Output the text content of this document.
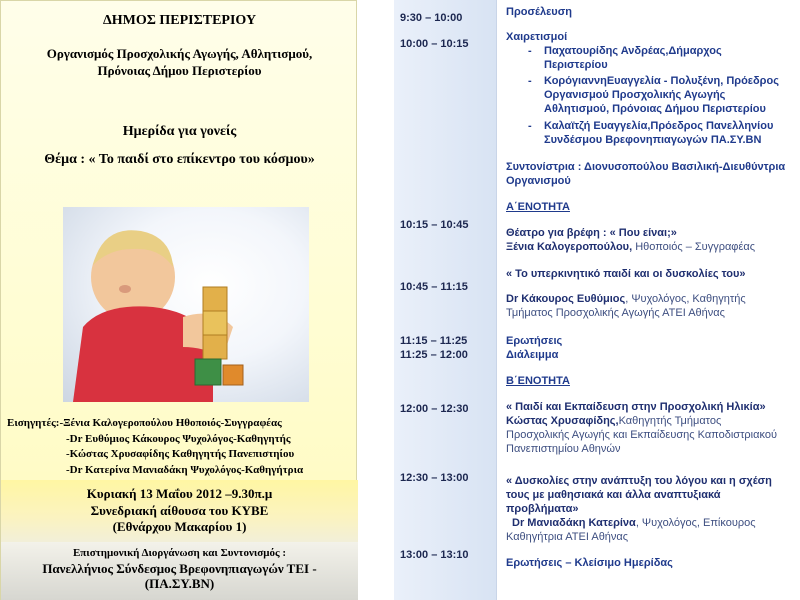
ΔΗΜΟΣ ΠΕΡΙΣΤΕΡΙΟΥ
Οργανισμός Προσχολικής Αγωγής, Αθλητισμού,
Πρόνοιας Δήμου Περιστερίου
Ημερίδα για γονείς
Θέμα : « Το παιδί στο επίκεντρο του κόσμου»
Εισηγητές:-Ξένια Καλογεροπούλου Ηθοποιός-Συγγραφέας
-Dr Ευθύμιος Κάκουρος Ψυχολόγος-Καθηγητής
-Κώστας Χρυσαφίδης Καθηγητής Πανεπιστηίου
-Dr Κατερίνα Μανιαδάκη Ψυχολόγος-Καθηγήτρια
Κυριακή 13 Μαΐου 2012 –9.30π.μ
Συνεδριακή αίθουσα του ΚΥΒΕ
(Εθνάρχου Μακαρίου 1)
Επιστημονική Διοργάνωση και Συντονισμός :
Πανελλήνιος Σύνδεσμος Βρεφονηπιαγωγών ΤΕΙ -
(ΠΑ.ΣΥ.ΒΝ)
9:30 – 10:00
10:00 – 10:15
10:15 – 10:45
10:45 – 11:15
11:15 – 11:25
11:25 – 12:00
12:00 – 12:30
12:30 – 13:00
13:00 – 13:10
Προσέλευση
Χαιρετισμοί
- Παχατουρίδης Ανδρέας,Δήμαρχος
Περιστερίου
- ΚορόγιαννηΕυαγγελία - Πολυξένη, Πρόεδρος
Οργανισμού Προσχολικής Αγωγής
Αθλητισμού, Πρόνοιας Δήμου Περιστερίου
- Καλαϊτζή Ευαγγελία,Πρόεδρος Πανελληνίου
Συνδέσμου Βρεφονηπιαγωγών ΠΑ.ΣΥ.ΒΝ
Συντονίστρια : Διονυσοπούλου Βασιλική-Διευθύντρια
Οργανισμού
Α΄ΕΝΟΤΗΤΑ
Θέατρο για βρέφη : « Που είναι;»
Ξένια Καλογεροπούλου, Ηθοποιός – Συγγραφέας
« Το υπερκινητικό παιδί και οι δυσκολίες του»
Dr Κάκουρος Ευθύμιος, Ψυχολόγος, Καθηγητής
Τμήματος Προσχολικής Αγωγής ΑΤΕΙ Αθήνας
Ερωτήσεις
Διάλειμμα
Β΄ΕΝΟΤΗΤΑ
« Παιδί και Εκπαίδευση στην Προσχολική Ηλικία»
Κώστας Χρυσαφίδης,Καθηγητής Τμήματος
Προσχολικής Αγωγής και Εκπαίδευσης Καποδιστριακού
Πανεπιστημίου Αθηνών
« Δυσκολίες στην ανάπτυξη του λόγου και η σχέση
τους με μαθησιακά και άλλα αναπτυξιακά
προβλήματα»
Dr Μανιαδάκη Κατερίνα, Ψυχολόγος, Επίκουρος
Καθηγήτρια ΑΤΕΙ Αθήνας
Ερωτήσεις – Κλείσιμο Ημερίδας
